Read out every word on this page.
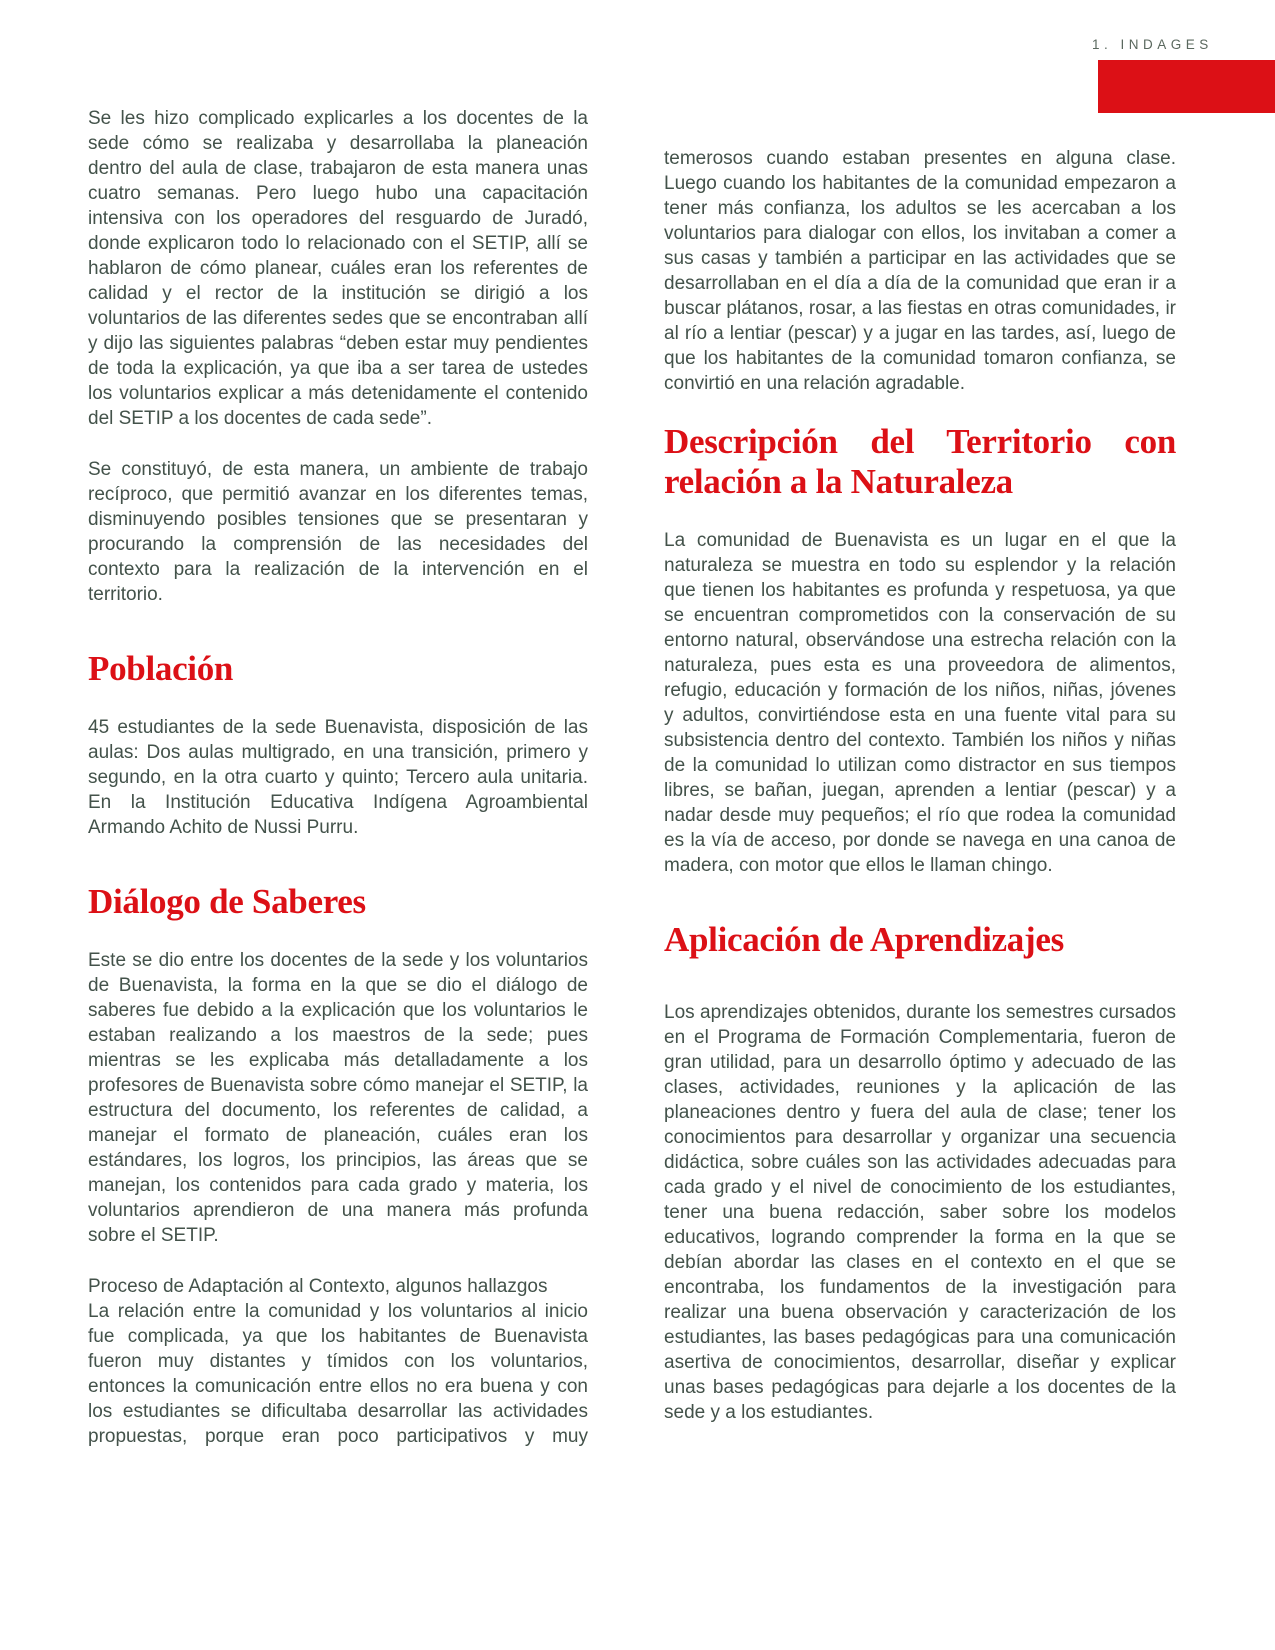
1. INDAGES

Se les hizo complicado explicarles a los docentes de la sede cómo se realizaba y desarrollaba la planeación dentro del aula de clase, trabajaron de esta manera unas cuatro semanas. Pero luego hubo una capacitación intensiva con los operadores del resguardo de Juradó, donde explicaron todo lo relacionado con el SETIP, allí se hablaron de cómo planear, cuáles eran los referentes de calidad y el rector de la institución se dirigió a los voluntarios de las diferentes sedes que se encontraban allí y dijo las siguientes palabras “deben estar muy pendientes de toda la explicación, ya que iba a ser tarea de ustedes los voluntarios explicar a más detenidamente el contenido del SETIP a los docentes de cada sede”.

Se constituyó, de esta manera, un ambiente de trabajo recíproco, que permitió avanzar en los diferentes temas, disminuyendo posibles tensiones que se presentaran y procurando la comprensión de las necesidades del contexto para la realización de la intervención en el territorio.

Población

45 estudiantes de la sede Buenavista, disposición de las aulas: Dos aulas multigrado, en una transición, primero y segundo, en la otra cuarto y quinto; Tercero aula unitaria. En la Institución Educativa Indígena Agroambiental Armando Achito de Nussi Purru.

Diálogo de Saberes

Este se dio entre los docentes de la sede y los voluntarios de Buenavista, la forma en la que se dio el diálogo de saberes fue debido a la explicación que los voluntarios le estaban realizando a los maestros de la sede; pues mientras se les explicaba más detalladamente a los profesores de Buenavista sobre cómo manejar el SETIP, la estructura del documento, los referentes de calidad, a manejar el formato de planeación, cuáles eran los estándares, los logros, los principios, las áreas que se manejan, los contenidos para cada grado y materia, los voluntarios aprendieron de una manera más profunda sobre el SETIP.

Proceso de Adaptación al Contexto, algunos hallazgos

La relación entre la comunidad y los voluntarios al inicio fue complicada, ya que los habitantes de Buenavista fueron muy distantes y tímidos con los voluntarios, entonces la comunicación entre ellos no era buena y con los estudiantes se dificultaba desarrollar las actividades propuestas, porque eran poco participativos y muy

temerosos cuando estaban presentes en alguna clase. Luego cuando los habitantes de la comunidad empezaron a tener más confianza, los adultos se les acercaban a los voluntarios para dialogar con ellos, los invitaban a comer a sus casas y también a participar en las actividades que se desarrollaban en el día a día de la comunidad que eran ir a buscar plátanos, rosar, a las fiestas en otras comunidades, ir al río a lentiar (pescar) y a jugar en las tardes, así, luego de que los habitantes de la comunidad tomaron confianza, se convirtió en una relación agradable.

Descripción del Territorio con
relación a la Naturaleza

La comunidad de Buenavista es un lugar en el que la naturaleza se muestra en todo su esplendor y la relación que tienen los habitantes es profunda y respetuosa, ya que se encuentran comprometidos con la conservación de su entorno natural, observándose una estrecha relación con la naturaleza, pues esta es una proveedora de alimentos, refugio, educación y formación de los niños, niñas, jóvenes y adultos, convirtiéndose esta en una fuente vital para su subsistencia dentro del contexto. También los niños y niñas de la comunidad lo utilizan como distractor en sus tiempos libres, se bañan, juegan, aprenden a lentiar (pescar) y a nadar desde muy pequeños; el río que rodea la comunidad es la vía de acceso, por donde se navega en una canoa de madera, con motor que ellos le llaman chingo.

Aplicación de Aprendizajes

Los aprendizajes obtenidos, durante los semestres cursados en el Programa de Formación Complementaria, fueron de gran utilidad, para un desarrollo óptimo y adecuado de las clases, actividades, reuniones y la aplicación de las planeaciones dentro y fuera del aula de clase; tener los conocimientos para desarrollar y organizar una secuencia didáctica, sobre cuáles son las actividades adecuadas para cada grado y el nivel de conocimiento de los estudiantes, tener una buena redacción, saber sobre los modelos educativos, logrando comprender la forma en la que se debían abordar las clases en el contexto en el que se encontraba, los fundamentos de la investigación para realizar una buena observación y caracterización de los estudiantes, las bases pedagógicas para una comunicación asertiva de conocimientos, desarrollar, diseñar y explicar unas bases pedagógicas para dejarle a los docentes de la sede y a los estudiantes.
